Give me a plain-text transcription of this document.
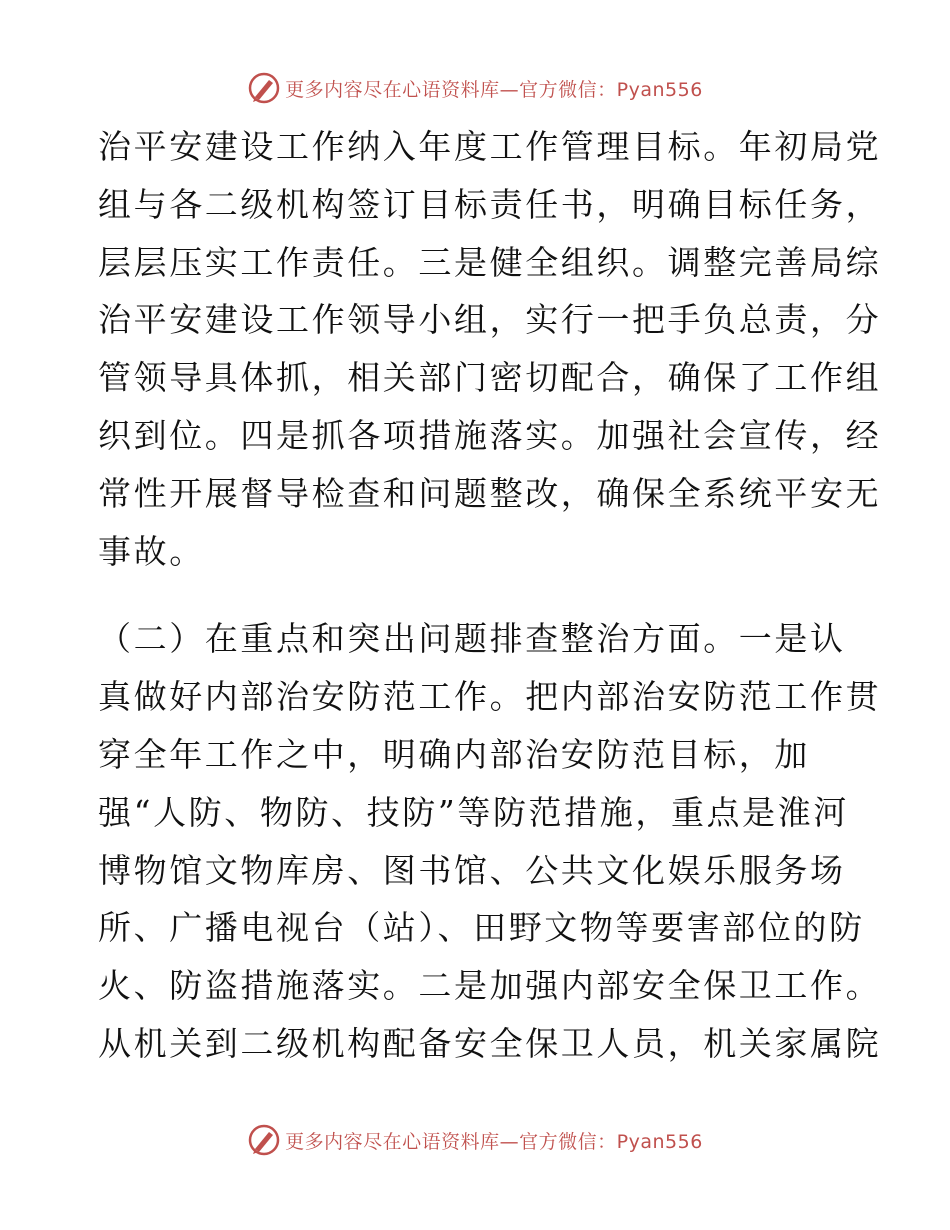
更多内容尽在心语资料库—官方微信：Pyan556
治平安建设工作纳入年度工作管理目标。年初局党
组与各二级机构签订目标责任书，明确目标任务，
层层压实工作责任。三是健全组织。调整完善局综
治平安建设工作领导小组，实行一把手负总责，分
管领导具体抓，相关部门密切配合，确保了工作组
织到位。四是抓各项措施落实。加强社会宣传，经
常性开展督导检查和问题整改，确保全系统平安无
事故。
（二）在重点和突出问题排查整治方面。一是认
真做好内部治安防范工作。把内部治安防范工作贯
穿全年工作之中，明确内部治安防范目标，加
强“人防、物防、技防”等防范措施，重点是淮河
博物馆文物库房、图书馆、公共文化娱乐服务场
所、广播电视台（站）、田野文物等要害部位的防
火、防盗措施落实。二是加强内部安全保卫工作。
从机关到二级机构配备安全保卫人员，机关家属院
更多内容尽在心语资料库—官方微信：Pyan556
